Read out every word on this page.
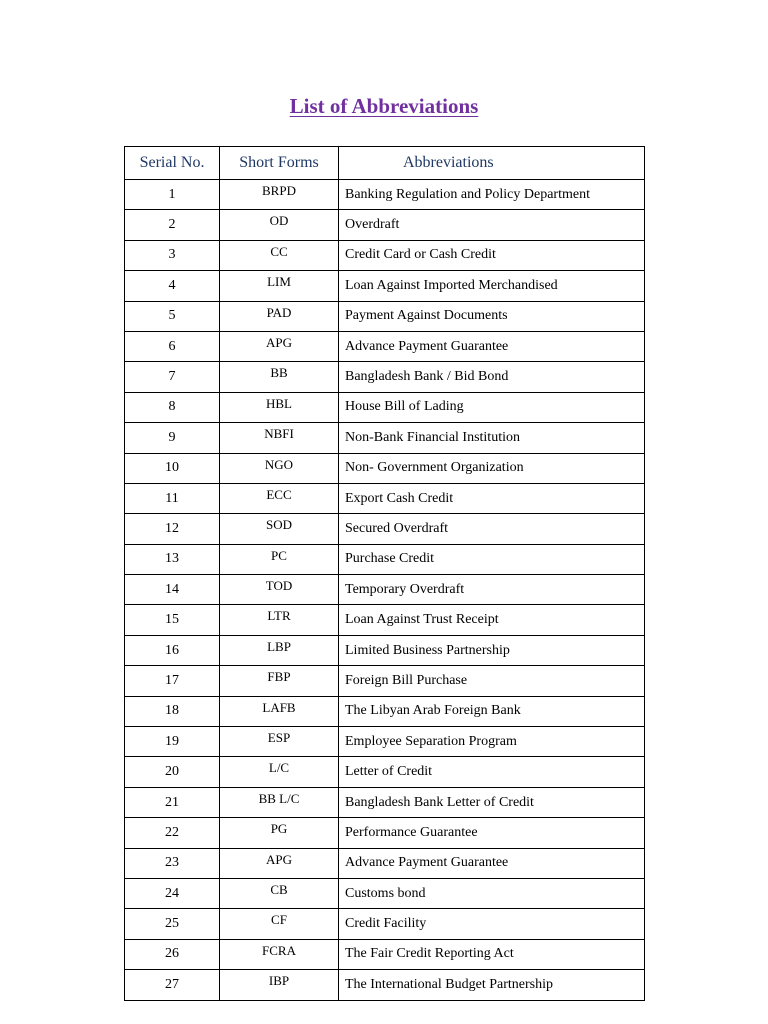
List of Abbreviations
Serial No.	Short Forms	Abbreviations
1	BRPD	Banking Regulation and Policy Department
2	OD	Overdraft
3	CC	Credit Card or Cash Credit
4	LIM	Loan Against Imported Merchandised
5	PAD	Payment Against Documents
6	APG	Advance Payment Guarantee
7	BB	Bangladesh Bank / Bid Bond
8	HBL	House Bill of Lading
9	NBFI	Non-Bank Financial Institution
10	NGO	Non- Government Organization
11	ECC	Export Cash Credit
12	SOD	Secured Overdraft
13	PC	Purchase Credit
14	TOD	Temporary Overdraft
15	LTR	Loan Against Trust Receipt
16	LBP	Limited Business Partnership
17	FBP	Foreign Bill Purchase
18	LAFB	The Libyan Arab Foreign Bank
19	ESP	Employee Separation Program
20	L/C	Letter of Credit
21	BB L/C	Bangladesh Bank Letter of Credit
22	PG	Performance Guarantee
23	APG	Advance Payment Guarantee
24	CB	Customs bond
25	CF	Credit Facility
26	FCRA	The Fair Credit Reporting Act
27	IBP	The International Budget Partnership
